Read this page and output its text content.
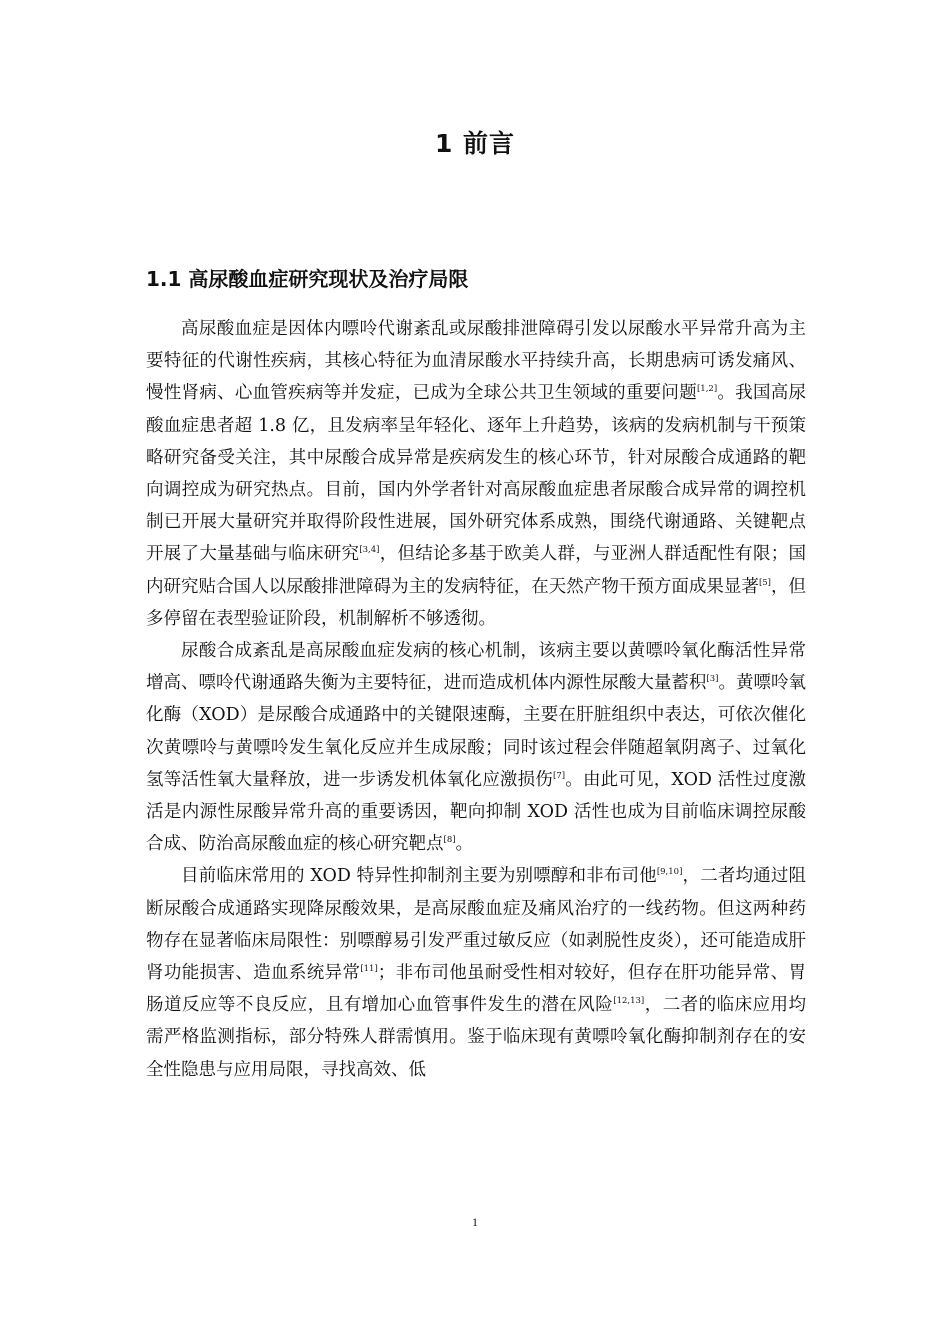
1 前言
1.1 高尿酸血症研究现状及治疗局限

高尿酸血症是因体内嘌呤代谢紊乱或尿酸排泄障碍引发以尿酸水平异常升高为主要特征的代谢性疾病，其核心特征为血清尿酸水平持续升高，长期患病可诱发痛风、慢性肾病、心血管疾病等并发症，已成为全球公共卫生领域的重要问题[1,2]。我国高尿酸血症患者超 1.8 亿，且发病率呈年轻化、逐年上升趋势，该病的发病机制与干预策略研究备受关注，其中尿酸合成异常是疾病发生的核心环节，针对尿酸合成通路的靶向调控成为研究热点。目前，国内外学者针对高尿酸血症患者尿酸合成异常的调控机制已开展大量研究并取得阶段性进展，国外研究体系成熟，围绕代谢通路、关键靶点开展了大量基础与临床研究[3,4]，但结论多基于欧美人群，与亚洲人群适配性有限；国内研究贴合国人以尿酸排泄障碍为主的发病特征，在天然产物干预方面成果显著[5]，但多停留在表型验证阶段，机制解析不够透彻。

尿酸合成紊乱是高尿酸血症发病的核心机制，该病主要以黄嘌呤氧化酶活性异常增高、嘌呤代谢通路失衡为主要特征，进而造成机体内源性尿酸大量蓄积[3]。黄嘌呤氧化酶（XOD）是尿酸合成通路中的关键限速酶，主要在肝脏组织中表达，可依次催化次黄嘌呤与黄嘌呤发生氧化反应并生成尿酸；同时该过程会伴随超氧阴离子、过氧化氢等活性氧大量释放，进一步诱发机体氧化应激损伤[7]。由此可见，XOD 活性过度激活是内源性尿酸异常升高的重要诱因，靶向抑制 XOD 活性也成为目前临床调控尿酸合成、防治高尿酸血症的核心研究靶点[8]。

目前临床常用的 XOD 特异性抑制剂主要为别嘌醇和非布司他[9,10]，二者均通过阻断尿酸合成通路实现降尿酸效果，是高尿酸血症及痛风治疗的一线药物。但这两种药物存在显著临床局限性：别嘌醇易引发严重过敏反应（如剥脱性皮炎），还可能造成肝肾功能损害、造血系统异常[11]；非布司他虽耐受性相对较好，但存在肝功能异常、胃肠道反应等不良反应，且有增加心血管事件发生的潜在风险[12,13]，二者的临床应用均需严格监测指标，部分特殊人群需慎用。鉴于临床现有黄嘌呤氧化酶抑制剂存在的安全性隐患与应用局限，寻找高效、低

1
